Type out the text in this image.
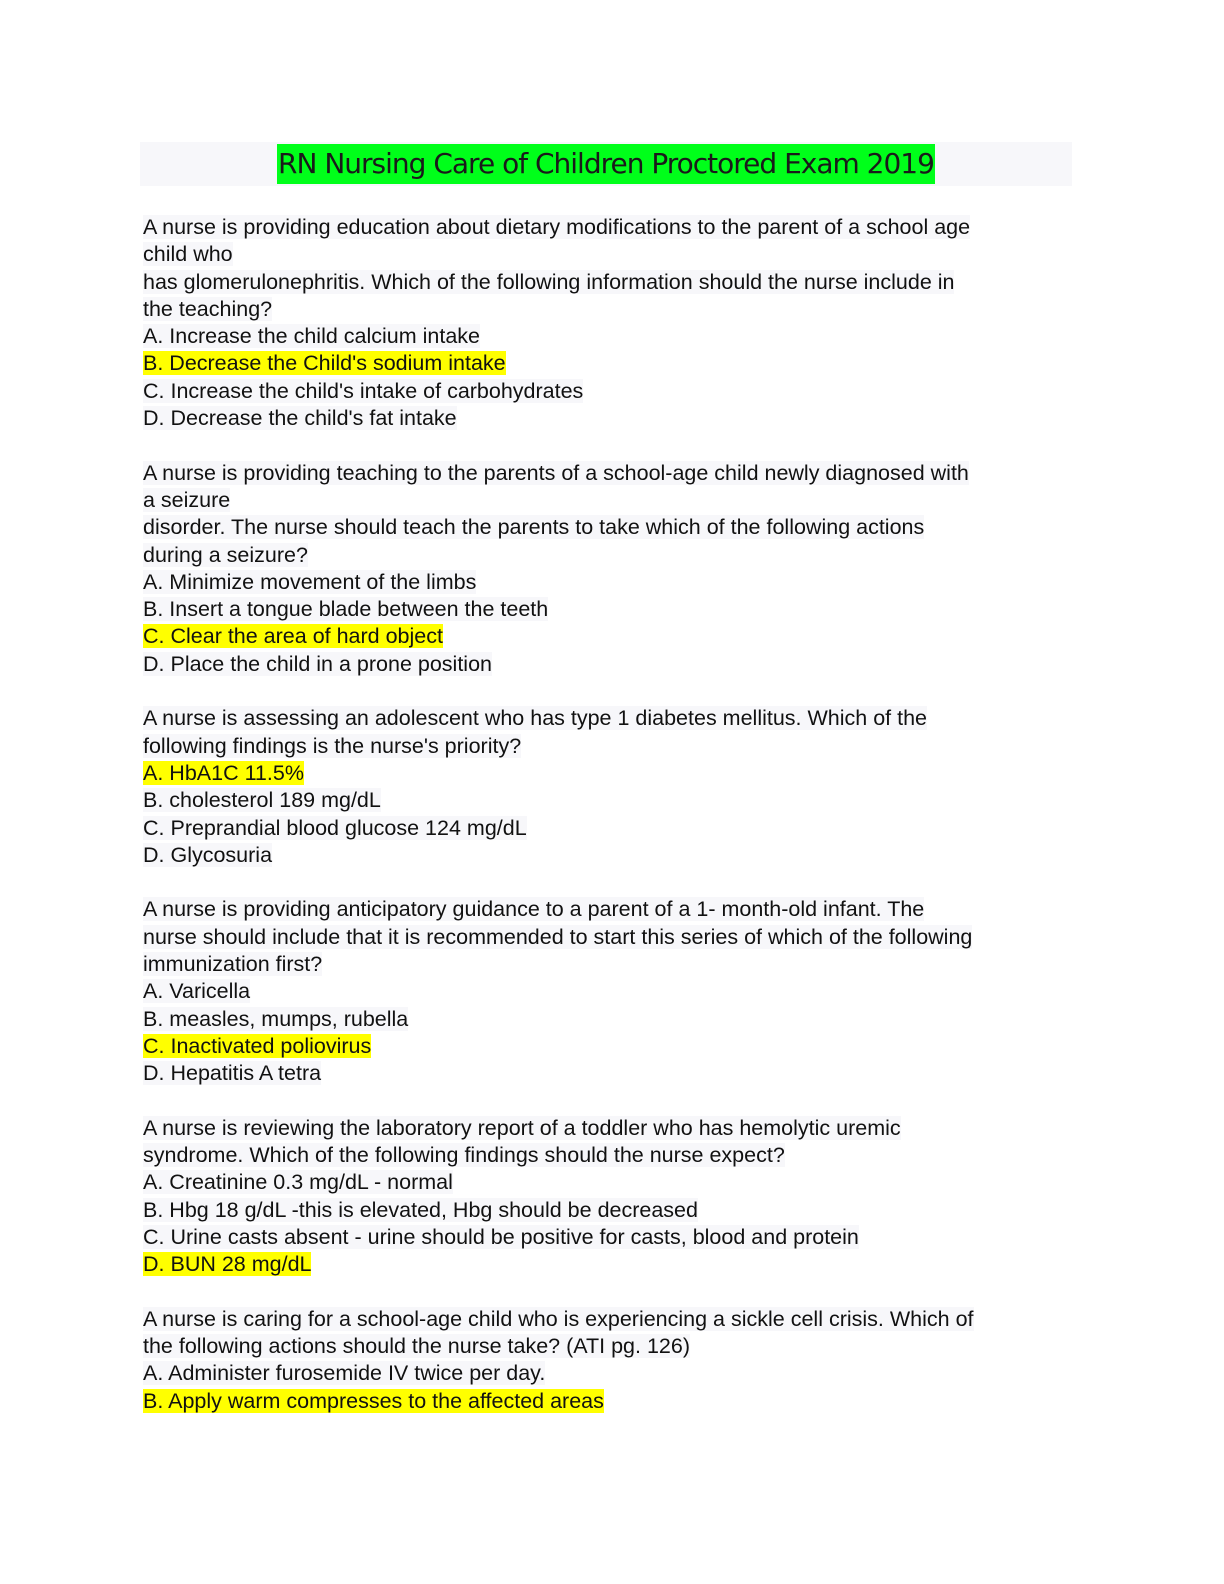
RN Nursing Care of Children Proctored Exam 2019
A nurse is providing education about dietary modifications to the parent of a school age
child who
has glomerulonephritis. Which of the following information should the nurse include in
the teaching?
A. Increase the child calcium intake
B. Decrease the Child's sodium intake
C. Increase the child's intake of carbohydrates
D. Decrease the child's fat intake
A nurse is providing teaching to the parents of a school-age child newly diagnosed with
a seizure
disorder. The nurse should teach the parents to take which of the following actions
during a seizure?
A. Minimize movement of the limbs
B. Insert a tongue blade between the teeth
C. Clear the area of hard object
D. Place the child in a prone position
A nurse is assessing an adolescent who has type 1 diabetes mellitus. Which of the
following findings is the nurse's priority?
A. HbA1C 11.5%
B. cholesterol 189 mg/dL
C. Preprandial blood glucose 124 mg/dL
D. Glycosuria
A nurse is providing anticipatory guidance to a parent of a 1- month-old infant. The
nurse should include that it is recommended to start this series of which of the following
immunization first?
A. Varicella
B. measles, mumps, rubella
C. Inactivated poliovirus
D. Hepatitis A tetra
A nurse is reviewing the laboratory report of a toddler who has hemolytic uremic
syndrome. Which of the following findings should the nurse expect?
A. Creatinine 0.3 mg/dL - normal
B. Hbg 18 g/dL -this is elevated, Hbg should be decreased
C. Urine casts absent - urine should be positive for casts, blood and protein
D. BUN 28 mg/dL
A nurse is caring for a school-age child who is experiencing a sickle cell crisis. Which of
the following actions should the nurse take? (ATI pg. 126)
A. Administer furosemide IV twice per day.
B. Apply warm compresses to the affected areas
